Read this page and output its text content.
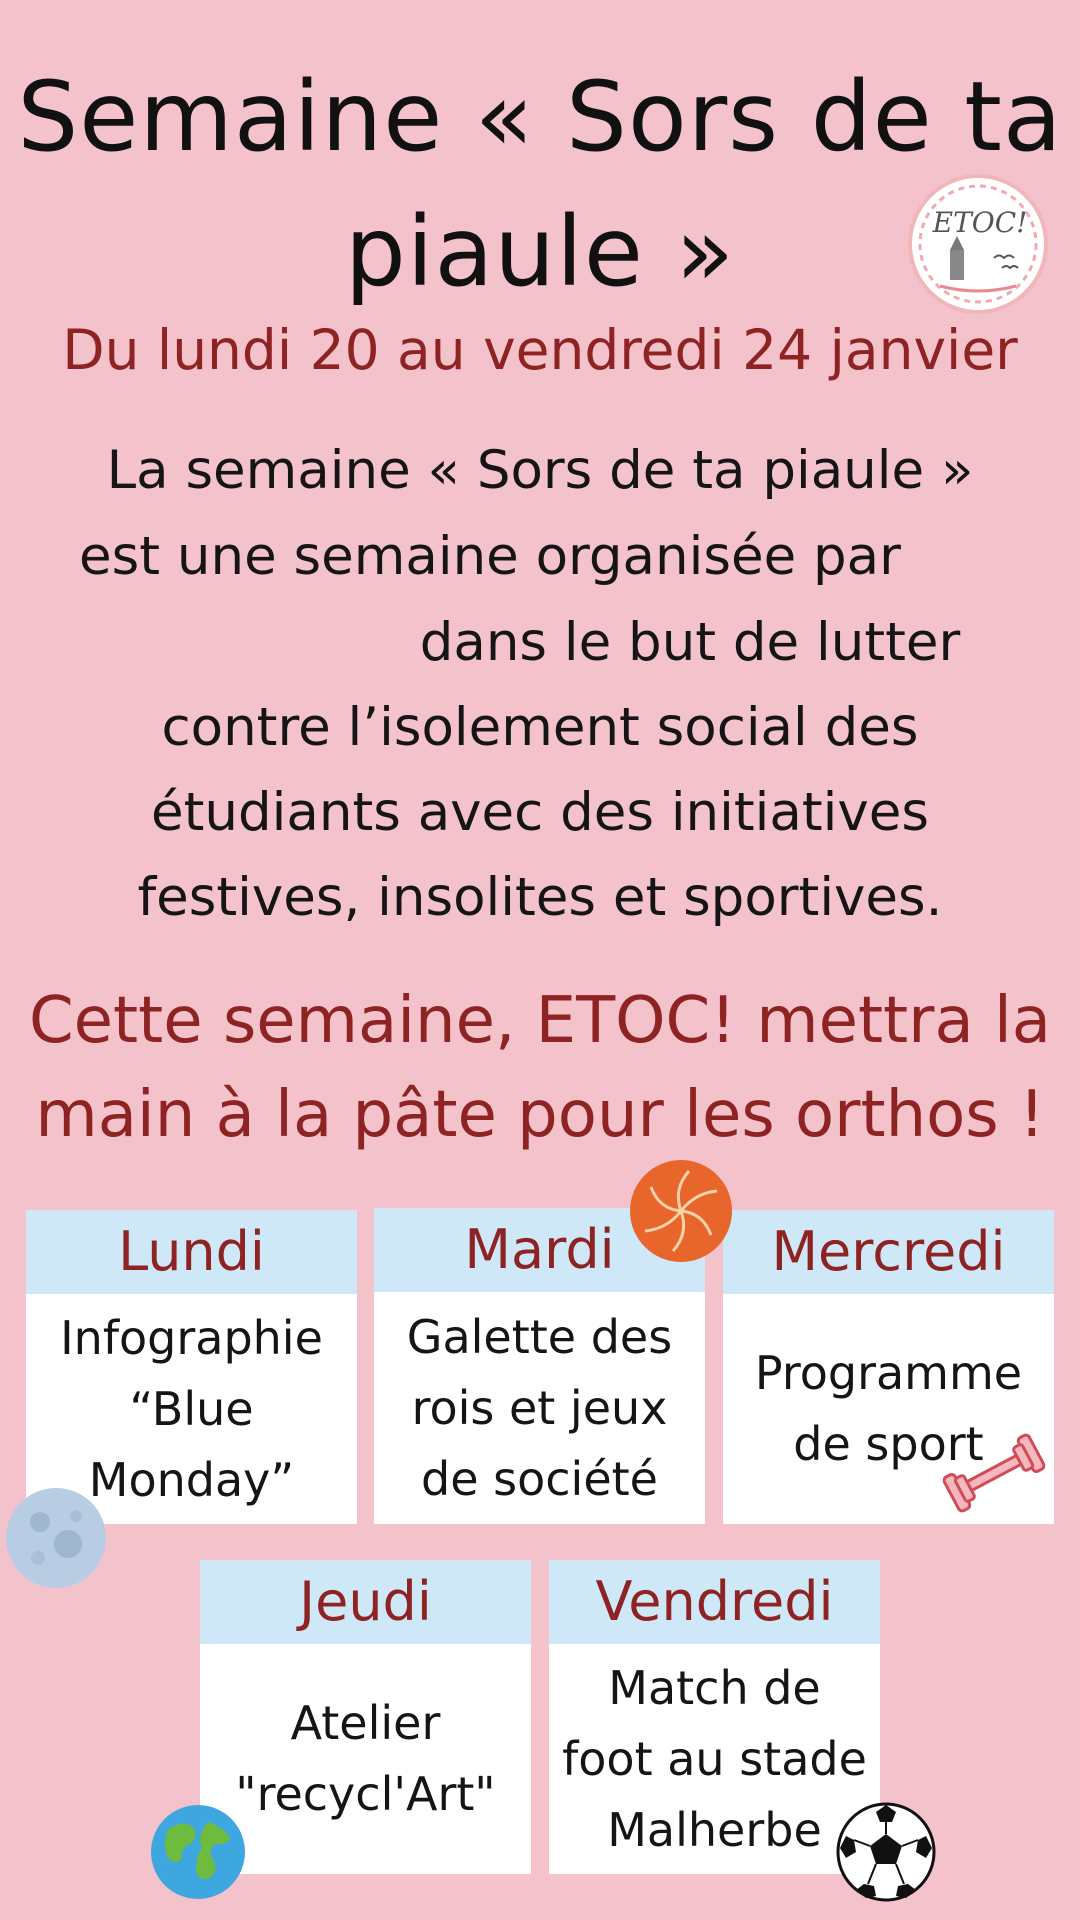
Semaine « Sors de ta
piaule »	ETOC!
Du lundi 20 au vendredi 24 janvier
La semaine « Sors de ta piaule »
est une semaine organisée par
dans le but de lutter
contre l’isolement social des
étudiants avec des initiatives
festives, insolites et sportives.
Cette semaine, ETOC! mettra la
main à la pâte pour les orthos !
Lundi
Infographie
“Blue
Monday”
Mardi
Galette des
rois et jeux
de société
Mercredi
Programme
de sport
Jeudi
Atelier
"recycl'Art"
Vendredi
Match de
foot au stade
Malherbe
